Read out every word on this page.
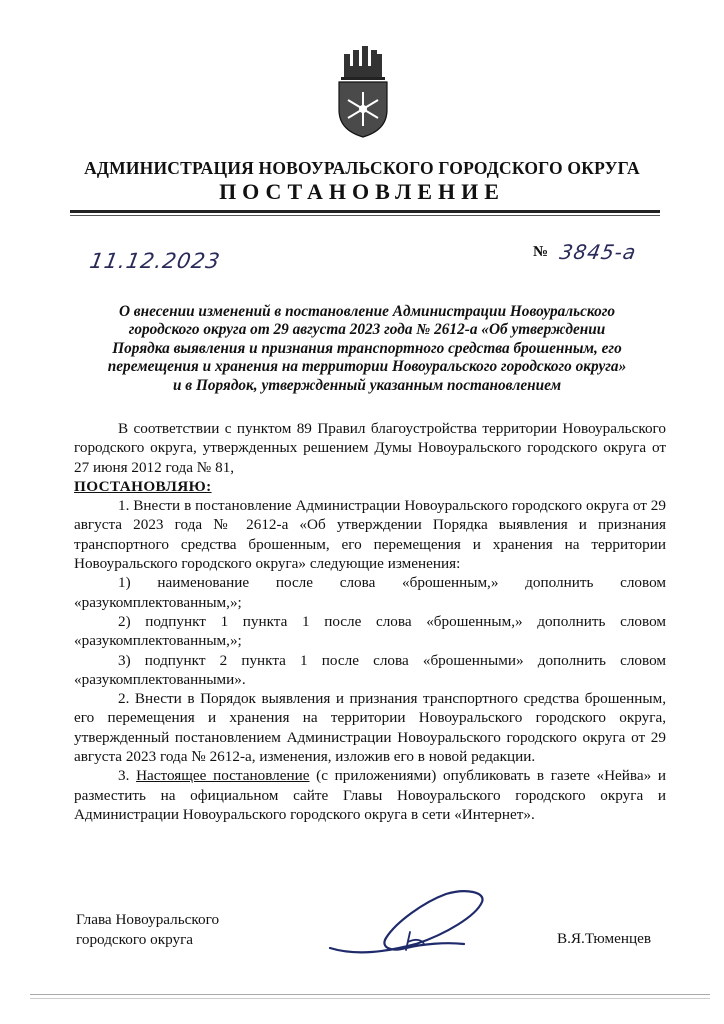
АДМИНИСТРАЦИЯ НОВОУРАЛЬСКОГО ГОРОДСКОГО ОКРУГА
ПОСТАНОВЛЕНИЕ
11.12.2023	№ 3845-а
О внесении изменений в постановление Администрации Новоуральского
городского округа от 29 августа 2023 года № 2612-а «Об утверждении
Порядка выявления и признания транспортного средства брошенным, его
перемещения и хранения на территории Новоуральского городского округа»
и в Порядок, утвержденный указанным постановлением

В соответствии с пунктом 89 Правил благоустройства территории Новоуральского городского округа, утвержденных решением Думы Новоуральского городского округа от 27 июня 2012 года № 81,

ПОСТАНОВЛЯЮ:

1. Внести в постановление Администрации Новоуральского городского округа от 29 августа 2023 года № 2612-а «Об утверждении Порядка выявления и признания транспортного средства брошенным, его перемещения и хранения на территории Новоуральского городского округа» следующие изменения:

1) наименование после слова «брошенным,» дополнить словом «разукомплектованным,»;

2) подпункт 1 пункта 1 после слова «брошенным,» дополнить словом «разукомплектованным,»;

3) подпункт 2 пункта 1 после слова «брошенными» дополнить словом «разукомплектованными».

2. Внести в Порядок выявления и признания транспортного средства брошенным, его перемещения и хранения на территории Новоуральского городского округа, утвержденный постановлением Администрации Новоуральского городского округа от 29 августа 2023 года № 2612-а, изменения, изложив его в новой редакции.

3. Настоящее постановление (с приложениями) опубликовать в газете «Нейва» и разместить на официальном сайте Главы Новоуральского городского округа и Администрации Новоуральского городского округа в сети «Интернет».

Глава Новоуральского
городского округа	В.Я.Тюменцев
